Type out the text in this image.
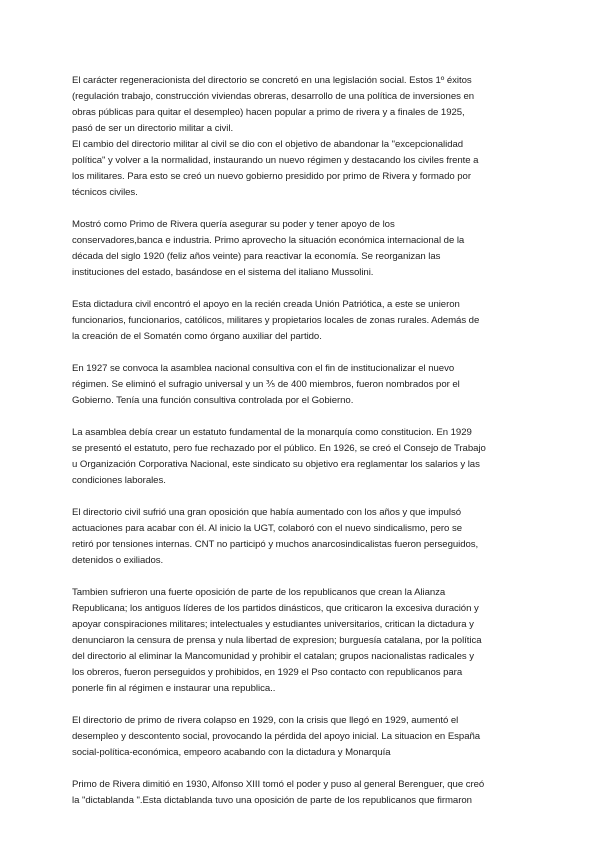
El carácter regeneracionista del directorio se concretó en una legislación social. Estos 1º éxitos
(regulación trabajo, construcción viviendas obreras, desarrollo de una política de inversiones en
obras públicas para quitar el desempleo) hacen popular a primo de rivera y a finales de 1925,
pasó de ser un directorio militar a civil.
El cambio del directorio militar al civil se dio con el objetivo de abandonar la "excepcionalidad
política" y volver a la normalidad, instaurando un nuevo régimen y destacando los civiles frente a
los militares. Para esto se creó un nuevo gobierno presidido por primo de Rivera y formado por
técnicos civiles.
Mostró como Primo de Rivera quería asegurar su poder y tener apoyo de los
conservadores,banca e industria. Primo aprovecho la situación económica internacional de la
década del siglo 1920 (feliz años veinte) para reactivar la economía. Se reorganizan las
instituciones del estado, basándose en el sistema del italiano Mussolini.
Esta dictadura civil encontró el apoyo en la recién creada Unión Patriótica, a este se unieron
funcionarios, funcionarios, católicos, militares y propietarios locales de zonas rurales. Además de
la creación de el Somatén como órgano auxiliar del partido.
En 1927 se convoca la asamblea nacional consultiva con el fin de institucionalizar el nuevo
régimen. Se eliminó el sufragio universal y un ⅗ de 400 miembros, fueron nombrados por el
Gobierno. Tenía una función consultiva controlada por el Gobierno.
La asamblea debía crear un estatuto fundamental de la monarquía como constitucion. En 1929
se presentó el estatuto, pero fue rechazado por el público. En 1926, se creó el Consejo de Trabajo
u Organización Corporativa Nacional, este sindicato su objetivo era reglamentar los salarios y las
condiciones laborales.
El directorio civil sufrió una gran oposición que había aumentado con los años y que impulsó
actuaciones para acabar con él. Al inicio la UGT, colaboró con el nuevo sindicalismo, pero se
retiró por tensiones internas. CNT no participó y muchos anarcosindicalistas fueron perseguidos,
detenidos o exiliados.
Tambien sufrieron una fuerte oposición de parte de los republicanos que crean la Alianza
Republicana; los antiguos líderes de los partidos dinásticos, que criticaron la excesiva duración y
apoyar conspiraciones militares; intelectuales y estudiantes universitarios, critican la dictadura y
denunciaron la censura de prensa y nula libertad de expresion; burguesía catalana, por la política
del directorio al eliminar la Mancomunidad y prohibir el catalan; grupos nacionalistas radicales y
los obreros, fueron perseguidos y prohibidos, en 1929 el Pso contacto con republicanos para
ponerle fin al régimen e instaurar una republica..
El directorio de primo de rivera colapso en 1929, con la crisis que llegó en 1929, aumentó el
desempleo y descontento social, provocando la pérdida del apoyo inicial. La situacion en España
social-política-económica, empeoro acabando con la dictadura y Monarquía
Primo de Rivera dimitió en 1930, Alfonso XIII tomó el poder y puso al general Berenguer, que creó
la "dictablanda ".Esta dictablanda tuvo una oposición de parte de los republicanos que firmaron
